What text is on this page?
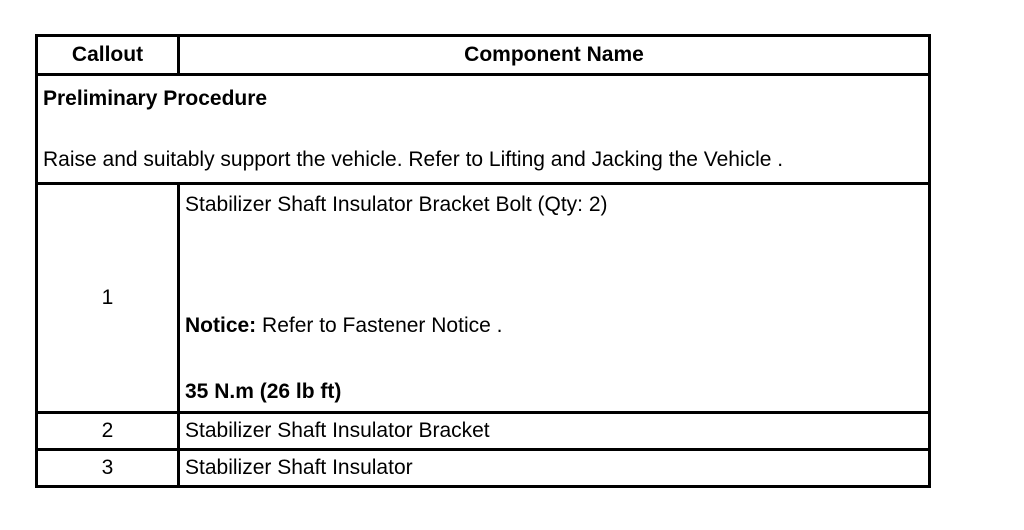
Callout	Component Name

Preliminary Procedure
Raise and suitably support the vehicle. Refer to Lifting and Jacking the Vehicle .	
1	Stabilizer Shaft Insulator Bracket Bolt (Qty: 2)
Notice: Refer to Fastener Notice .
35 N.m (26 lb ft)

2	Stabilizer Shaft Insulator Bracket
3	Stabilizer Shaft Insulator
